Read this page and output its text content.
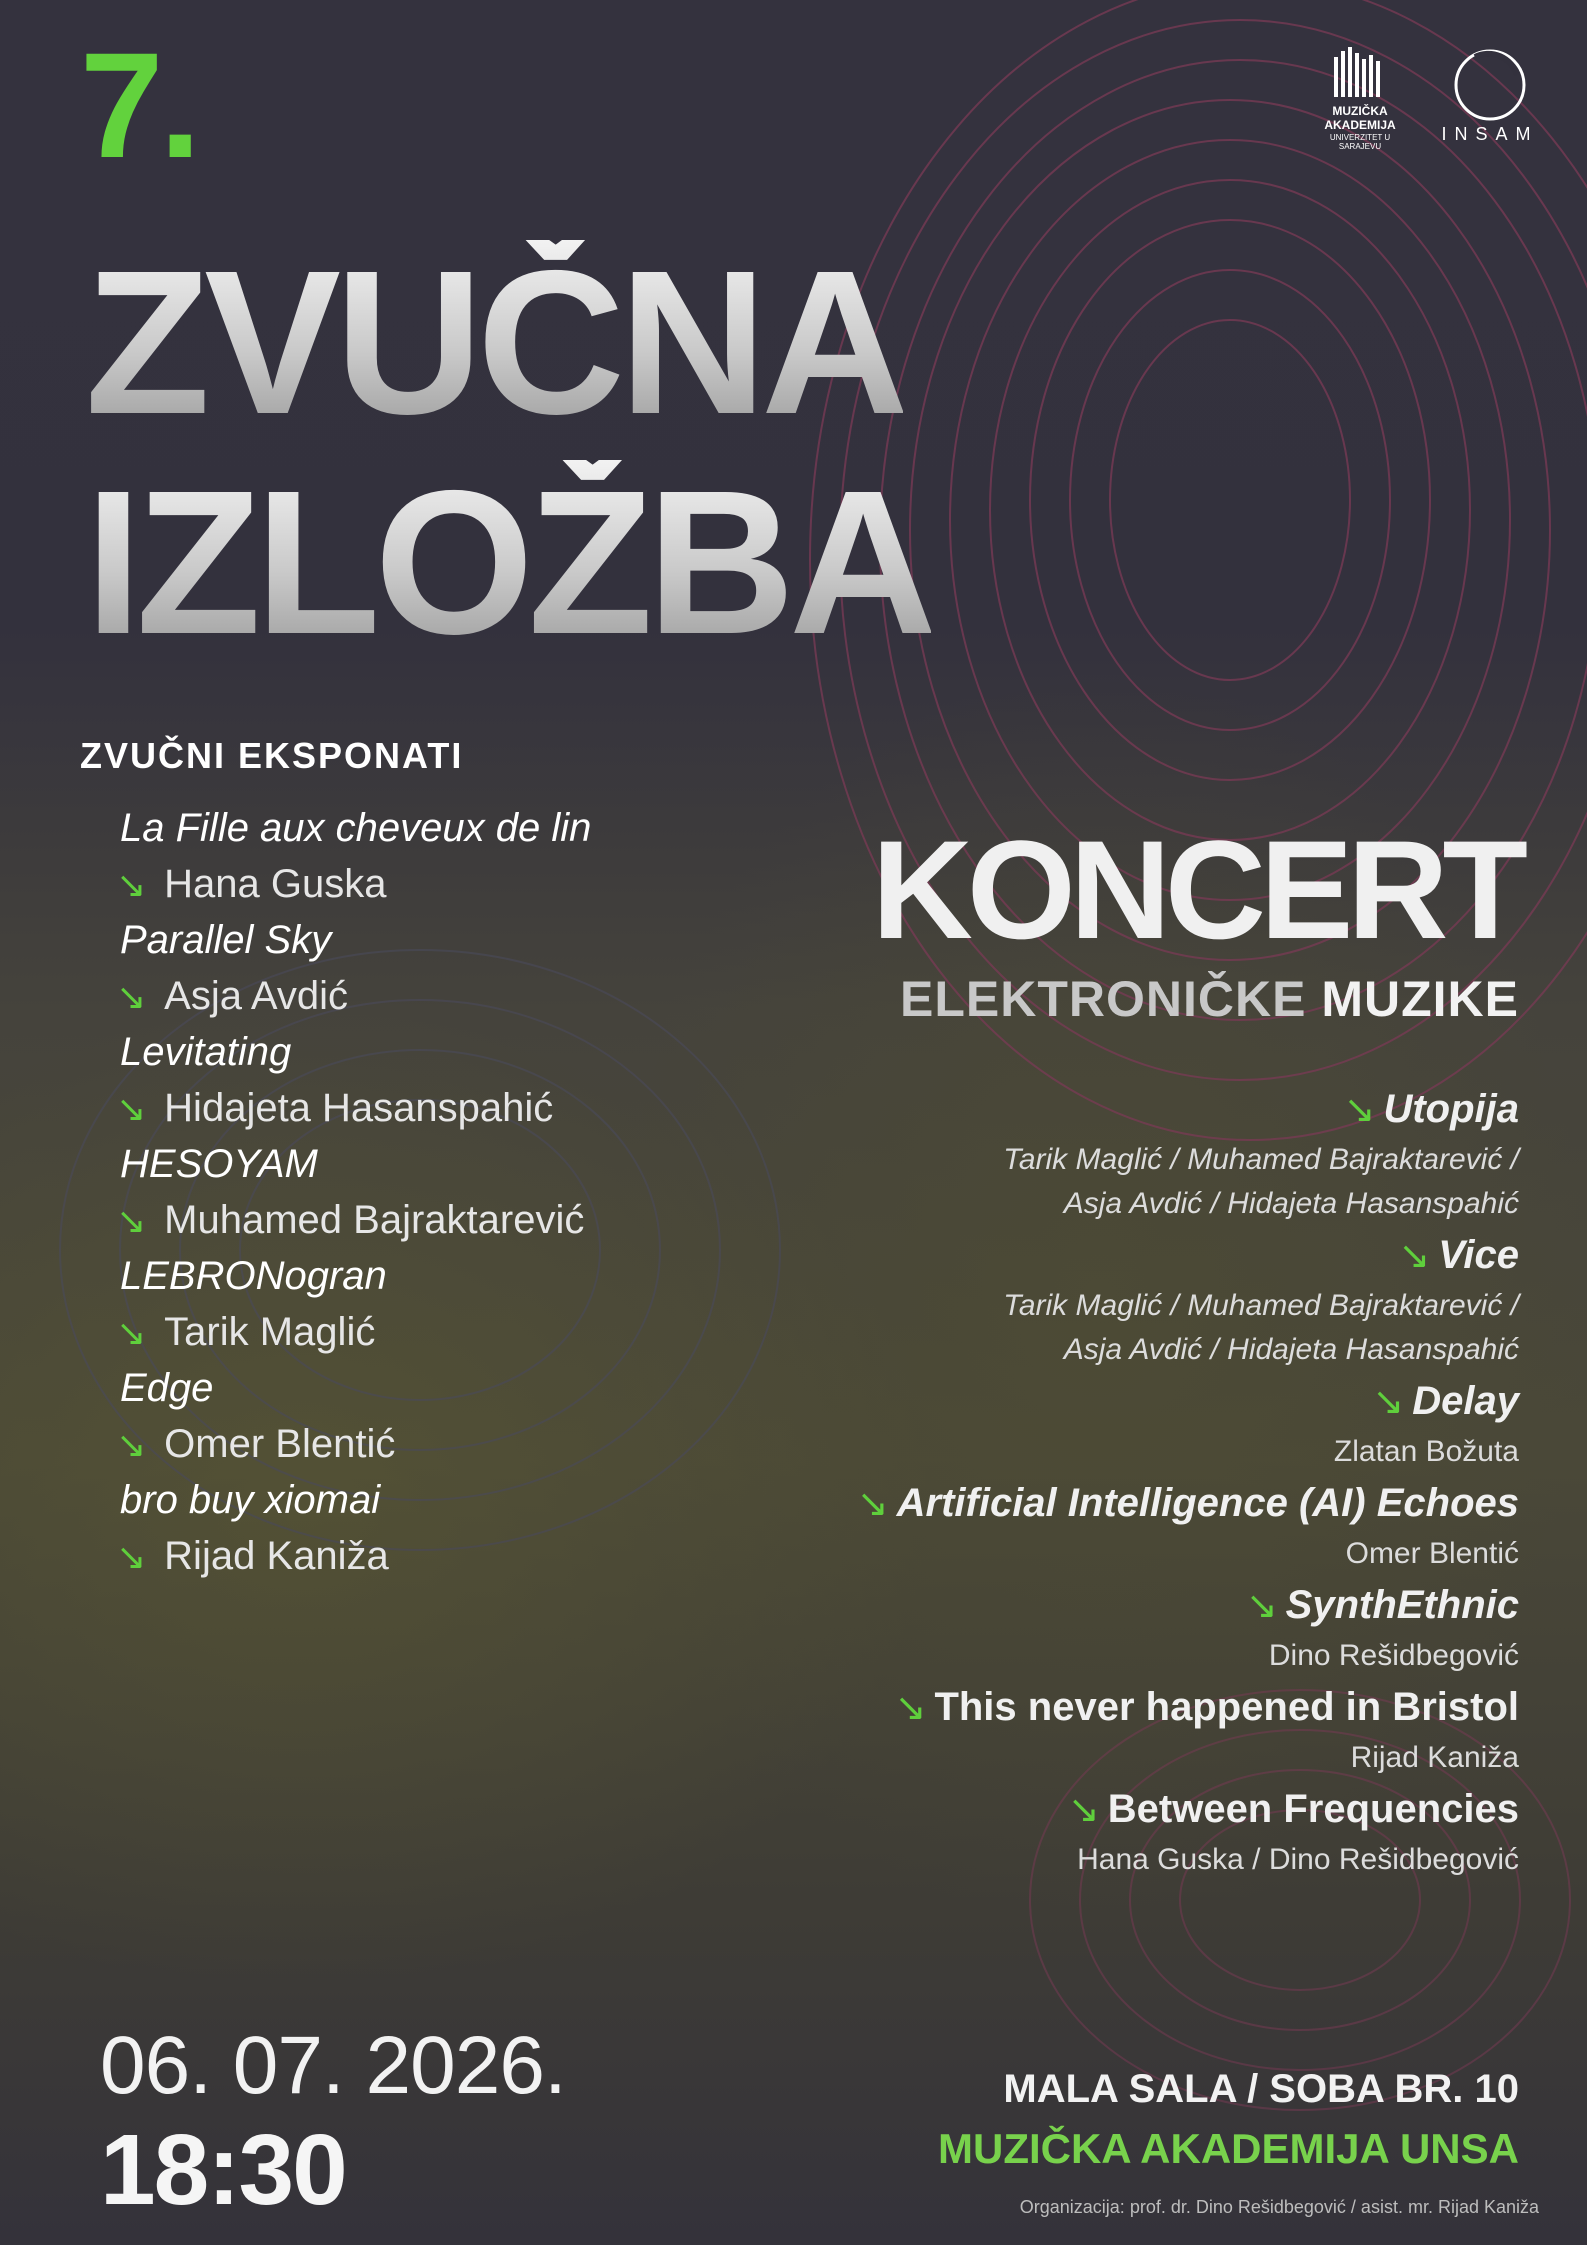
MUZIČKA
AKADEMIJA
UNIVERZITET U SARAJEVU
INSAM
7.
ZVUČNA
IZLOŽBA
ZVUČNI EKSPONATI
La Fille aux cheveux de lin
↘ Hana Guska
Parallel Sky
↘ Asja Avdić
Levitating
↘ Hidajeta Hasanspahić
HESOYAM
↘ Muhamed Bajraktarević
LEBRONogran
↘ Tarik Maglić
Edge
↘ Omer Blentić
bro buy xiomai
↘ Rijad Kaniža
KONCERT
ELEKTRONIČKE MUZIKE
↘ Utopija
Tarik Maglić / Muhamed Bajraktarević /
Asja Avdić / Hidajeta Hasanspahić
↘ Vice
Tarik Maglić / Muhamed Bajraktarević /
Asja Avdić / Hidajeta Hasanspahić
↘ Delay
Zlatan Božuta
↘ Artificial Intelligence (AI) Echoes
Omer Blentić
↘ SynthEthnic
Dino Rešidbegović
↘ This never happened in Bristol
Rijad Kaniža
↘ Between Frequencies
Hana Guska / Dino Rešidbegović
06. 07. 2026.
18:30
MALA SALA / SOBA BR. 10
MUZIČKA AKADEMIJA UNSA
Organizacija: prof. dr. Dino Rešidbegović / asist. mr. Rijad Kaniža
